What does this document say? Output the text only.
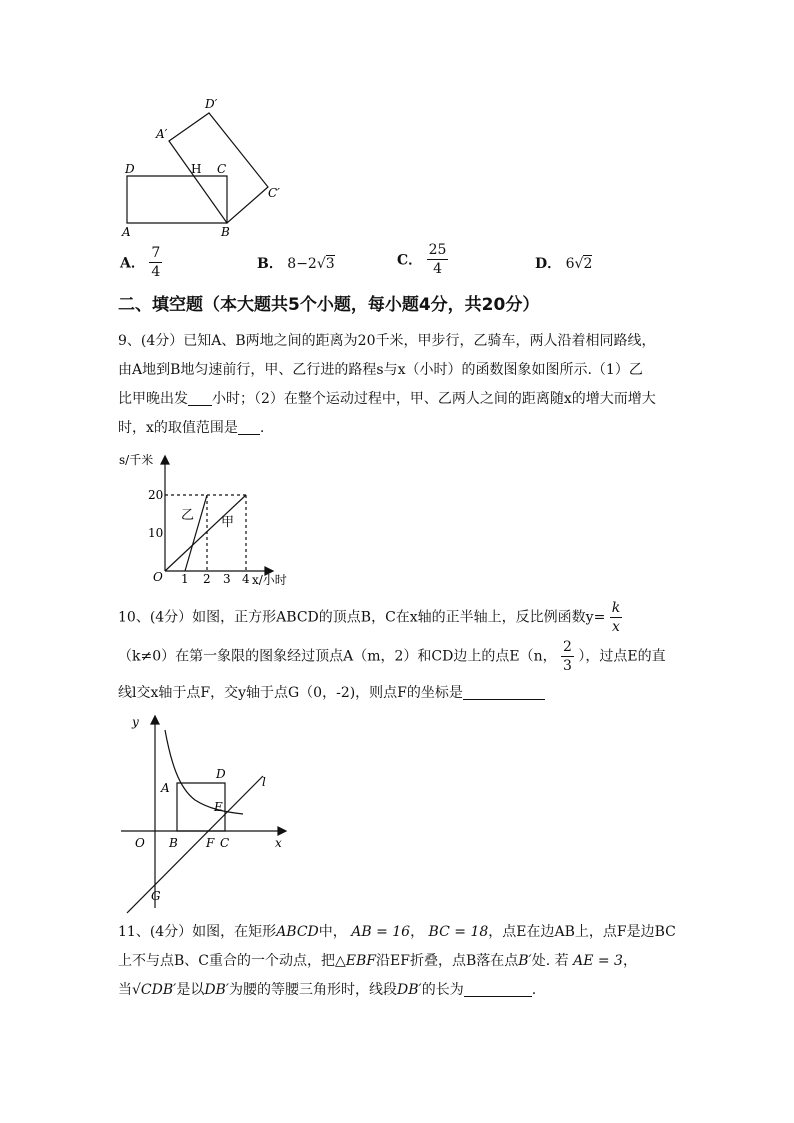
D′
A′
D	H C
C′
A	B
A． $\frac{7}{4}$	B． 8−2√3	C． $\frac{25}{4}$	D． 6√2
二、填空题（本大题共5个小题，每小题4分，共20分）
9、(4分）已知A、B两地之间的距离为20千米，甲步行，乙骑车，两人沿着相同路线，
由A地到B地匀速前行，甲、乙行进的路程s与x（小时）的函数图象如图所示.（1）乙
比甲晚出发 小时；（2）在整个运动过程中，甲、乙两人之间的距离随x的增大而增大
时，x的取值范围是 .
s/千米
x/小时
O
20
10
1 2 3 4
乙 甲
10、(4分）如图，正方形ABCD的顶点B，C在x轴的正半轴上，反比例函数$y= \frac{k}{x}$
（k≠0）在第一象限的图象经过顶点A（m，2）和CD边上的点E（n， $\frac{2}{3}$ ），过点E的直
线l交x轴于点F，交y轴于点G（0，-2)，则点F的坐标是
y
D
l
A
E
O B F C	x
G
11、(4分）如图，在矩形ABCD中， AB = 16， BC = 18，点E在边AB上，点F是边BC
上不与点B、C重合的一个动点，把△EBF沿EF折叠，点B落在点B′处. 若 AE = 3，
当√CDB′是以DB′为腰的等腰三角形时，线段DB′的长为	.
